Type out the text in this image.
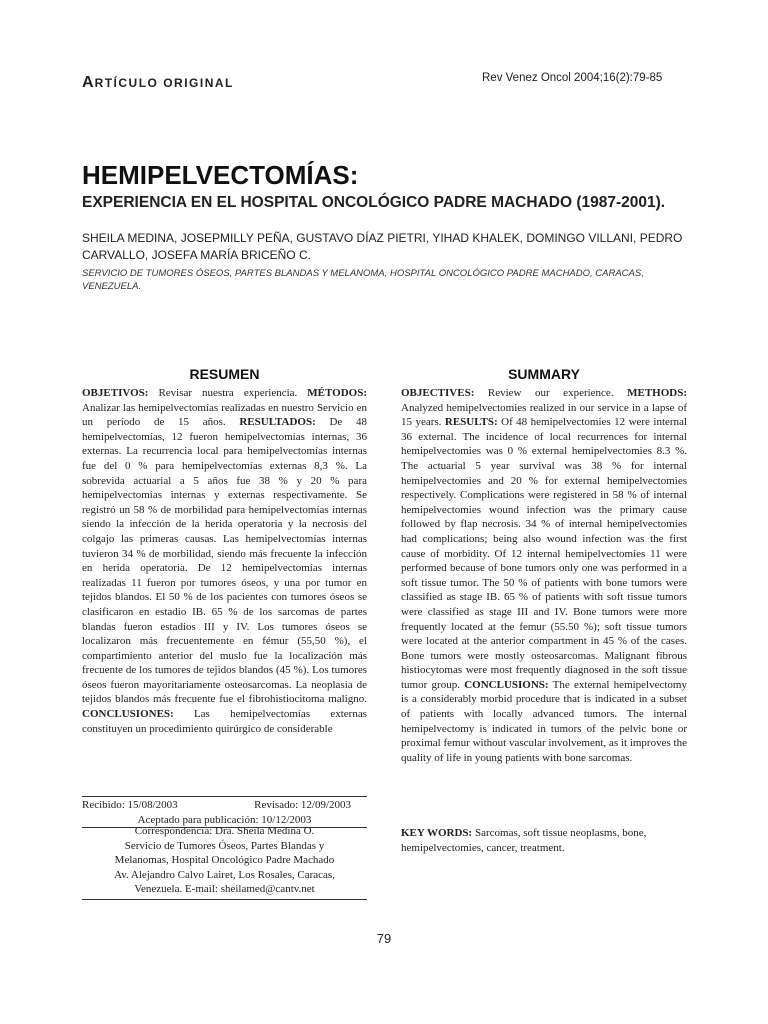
ARTÍCULO ORIGINAL	Rev Venez Oncol 2004;16(2):79-85
HEMIPELVECTOMÍAS:
EXPERIENCIA EN EL HOSPITAL ONCOLÓGICO PADRE MACHADO (1987-2001).
SHEILA MEDINA, JOSEPMILLY PEÑA, GUSTAVO DÍAZ PIETRI, YIHAD KHALEK, DOMINGO VILLANI, PEDRO CARVALLO, JOSEFA MARÍA BRICEÑO C.
SERVICIO DE TUMORES ÓSEOS, PARTES BLANDAS Y MELANOMA, HOSPITAL ONCOLÓGICO PADRE MACHADO, CARACAS, VENEZUELA.
RESUMEN	SUMMARY

OBJETIVOS: Revisar nuestra experiencia. MÉTODOS: Analizar las hemipelvectomías realizadas en nuestro Servicio en un período de 15 años. RESULTADOS: De 48 hemipelvectomías, 12 fueron hemipelvectomías internas, 36 externas. La recurrencia local para hemipelvectomías internas fue del 0 % para hemipelvectomías externas 8,3 %. La sobrevida actuarial a 5 años fue 38 % y 20 % para hemipelvectomías internas y externas respectivamente. Se registró un 58 % de morbilidad para hemipelvectomías internas siendo la infección de la herida operatoria y la necrosis del colgajo las primeras causas. Las hemipelvectomías internas tuvieron 34 % de morbilidad, siendo más frecuente la infección en herida operatoria. De 12 hemipelvectomías internas realizadas 11 fueron por tumores óseos, y una por tumor en tejidos blandos. El 50 % de los pacientes con tumores óseos se clasificaron en estadio IB. 65 % de los sarcomas de partes blandas fueron estadios III y IV. Los tumores óseos se localizaron más frecuentemente en fémur (55,50 %), el compartimiento anterior del muslo fue la localización más frecuente de los tumores de tejidos blandos (45 %). Los tumores óseos fueron mayoritariamente osteosarcomas. La neoplasia de tejidos blandos más frecuente fue el fibrohistiocitoma maligno. CONCLUSIONES: Las hemipelvectomías externas constituyen un procedimiento quirúrgico de considerable

OBJECTIVES: Review our experience. METHODS: Analyzed hemipelvectomies realized in our service in a lapse of 15 years. RESULTS: Of 48 hemipelvectomies 12 were internal 36 external. The incidence of local recurrences for internal hemipelvectomies was 0 % external hemipelvectomies 8.3 %. The actuarial 5 year survival was 38 % for internal hemipelvectomies and 20 % for external hemipelvectomies respectively. Complications were registered in 58 % of internal hemipelvectomies wound infection was the primary cause followed by flap necrosis. 34 % of internal hemipelvectomies had complications; being also wound infection was the first cause of morbidity. Of 12 internal hemipelvectomies 11 were performed because of bone tumors only one was performed in a soft tissue tumor. The 50 % of patients with bone tumors were classified as stage IB. 65 % of patients with soft tissue tumors were classified as stage III and IV. Bone tumors were more frequently located at the femur (55.50 %); soft tissue tumors were located at the anterior compartment in 45 % of the cases. Bone tumors were mostly osteosarcomas. Malignant fibrous histiocytomas were most frequently diagnosed in the soft tissue tumor group. CONCLUSIONS: The external hemipelvectomy is a considerably morbid procedure that is indicated in a subset of patients with locally advanced tumors. The internal hemipelvectomy is indicated in tumors of the pelvic bone or proximal femur without vascular involvement, as it improves the quality of life in young patients with bone sarcomas.

KEY WORDS: Sarcomas, soft tissue neoplasms, bone, hemipelvectomies, cancer, treatment.

Recibido: 15/08/2003	Revisado: 12/09/2003
Aceptado para publicación: 10/12/2003
Correspondencia: Dra. Sheila Medina O.
Servicio de Tumores Óseos, Partes Blandas y
Melanomas, Hospital Oncológico Padre Machado
Av. Alejandro Calvo Lairet, Los Rosales, Caracas,
Venezuela. E-mail: sheilamed@cantv.net
79
